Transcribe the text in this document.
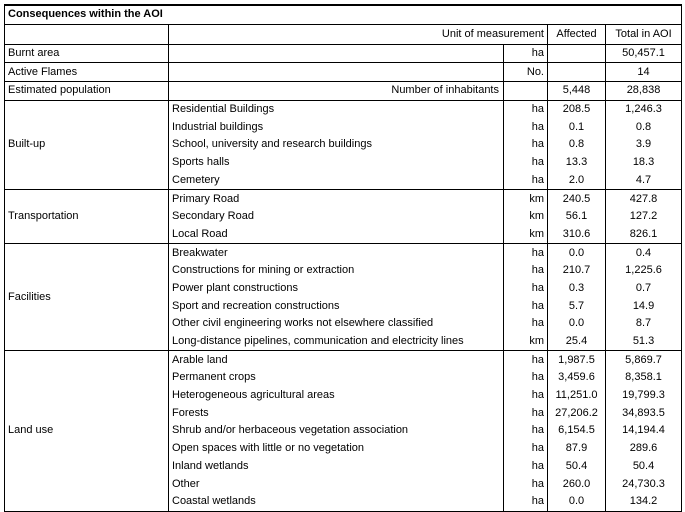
Consequences within the AOI				
	Unit of measurement		Affected	Total in AOI
Burnt area		ha		50,457.1
Active Flames		No.		14
Estimated population	Number of inhabitants		5,448	28,838
Built-up	Residential Buildings	ha	208.5	1,246.3
	Industrial buildings	ha	0.1	0.8
	School, university and research buildings	ha	0.8	3.9
	Sports halls	ha	13.3	18.3
	Cemetery	ha	2.0	4.7
Transportation	Primary Road	km	240.5	427.8
	Secondary Road	km	56.1	127.2
	Local Road	km	310.6	826.1
Facilities	Breakwater	ha	0.0	0.4
	Constructions for mining or extraction	ha	210.7	1,225.6
	Power plant constructions	ha	0.3	0.7
	Sport and recreation constructions	ha	5.7	14.9
	Other civil engineering works not elsewhere classified	ha	0.0	8.7
	Long-distance pipelines, communication and electricity lines	km	25.4	51.3
Land use	Arable land	ha	1,987.5	5,869.7
	Permanent crops	ha	3,459.6	8,358.1
	Heterogeneous agricultural areas	ha	11,251.0	19,799.3
	Forests	ha	27,206.2	34,893.5
	Shrub and/or herbaceous vegetation association	ha	6,154.5	14,194.4
	Open spaces with little or no vegetation	ha	87.9	289.6
	Inland wetlands	ha	50.4	50.4
	Other	ha	260.0	24,730.3
	Coastal wetlands	ha	0.0	134.2
